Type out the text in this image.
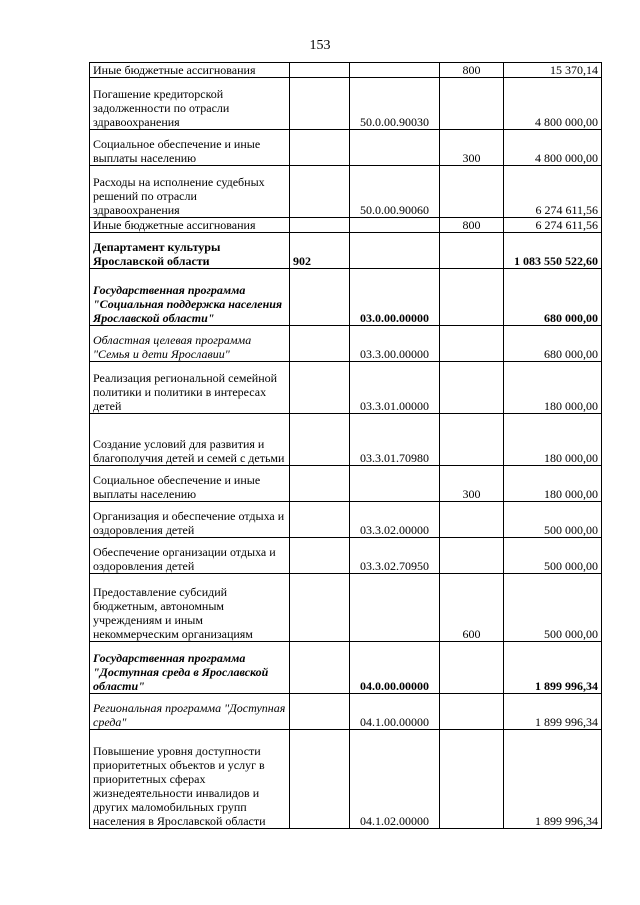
153
Иные бюджетные ассигнования			800	15 370,14
Погашение кредиторской задолженности по отрасли здравоохранения		50.0.00.90030		4 800 000,00
Социальное обеспечение и иные выплаты населению			300	4 800 000,00
Расходы на исполнение судебных решений по отрасли здравоохранения		50.0.00.90060		6 274 611,56
Иные бюджетные ассигнования			800	6 274 611,56
Департамент культуры Ярославской области	902			1 083 550 522,60
Государственная программа "Социальная поддержка населения Ярославской области"		03.0.00.00000		680 000,00
Областная целевая программа "Семья и дети Ярославии"		03.3.00.00000		680 000,00
Реализация региональной семейной политики и политики в интересах детей		03.3.01.00000		180 000,00
Создание условий для развития и благополучия детей и семей с детьми		03.3.01.70980		180 000,00
Социальное обеспечение и иные выплаты населению			300	180 000,00
Организация и обеспечение отдыха и оздоровления детей		03.3.02.00000		500 000,00
Обеспечение организации отдыха и оздоровления детей		03.3.02.70950		500 000,00
Предоставление субсидий бюджетным, автономным учреждениям и иным некоммерческим организациям			600	500 000,00
Государственная программа "Доступная среда в Ярославской области"		04.0.00.00000		1 899 996,34
Региональная программа "Доступная среда"		04.1.00.00000		1 899 996,34
Повышение уровня доступности приоритетных объектов и услуг в приоритетных сферах жизнедеятельности инвалидов и других маломобильных групп населения в Ярославской области		04.1.02.00000		1 899 996,34
